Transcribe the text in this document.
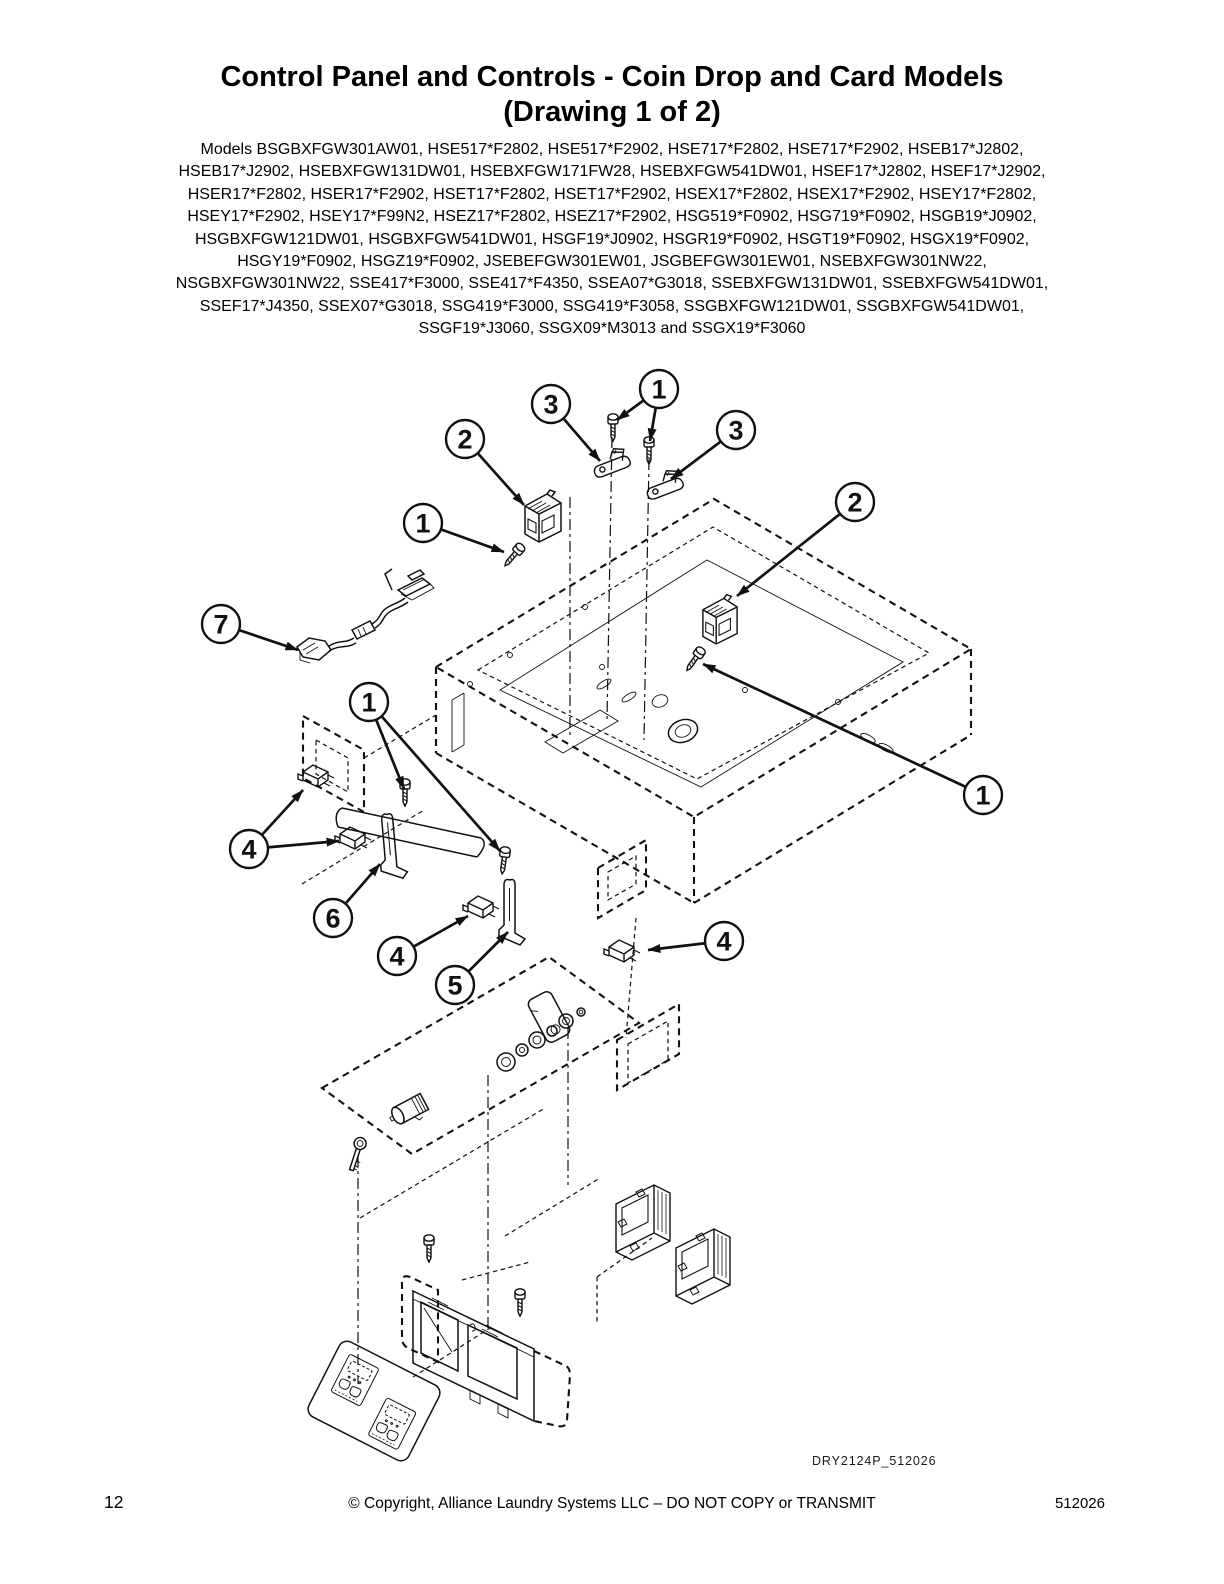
Control Panel and Controls - Coin Drop and Card Models
(Drawing 1 of 2)
Models BSGBXFGW301AW01, HSE517*F2802, HSE517*F2902, HSE717*F2802, HSE717*F2902, HSEB17*J2802,
HSEB17*J2902, HSEBXFGW131DW01, HSEBXFGW171FW28, HSEBXFGW541DW01, HSEF17*J2802, HSEF17*J2902,
HSER17*F2802, HSER17*F2902, HSET17*F2802, HSET17*F2902, HSEX17*F2802, HSEX17*F2902, HSEY17*F2802,
HSEY17*F2902, HSEY17*F99N2, HSEZ17*F2802, HSEZ17*F2902, HSG519*F0902, HSG719*F0902, HSGB19*J0902,
HSGBXFGW121DW01, HSGBXFGW541DW01, HSGF19*J0902, HSGR19*F0902, HSGT19*F0902, HSGX19*F0902,
HSGY19*F0902, HSGZ19*F0902, JSEBEFGW301EW01, JSGBEFGW301EW01, NSEBXFGW301NW22,
NSGBXFGW301NW22, SSE417*F3000, SSE417*F4350, SSEA07*G3018, SSEBXFGW131DW01, SSEBXFGW541DW01,
SSEF17*J4350, SSEX07*G3018, SSG419*F3000, SSG419*F3058, SSGBXFGW121DW01, SSGBXFGW541DW01,
SSGF19*J3060, SSGX09*M3013 and SSGX19*F3060
1
3
2	3
1
2
7
1
4
6
4
5
4
1
DRY2124P_512026
12	© Copyright, Alliance Laundry Systems LLC – DO NOT COPY or TRANSMIT	512026
